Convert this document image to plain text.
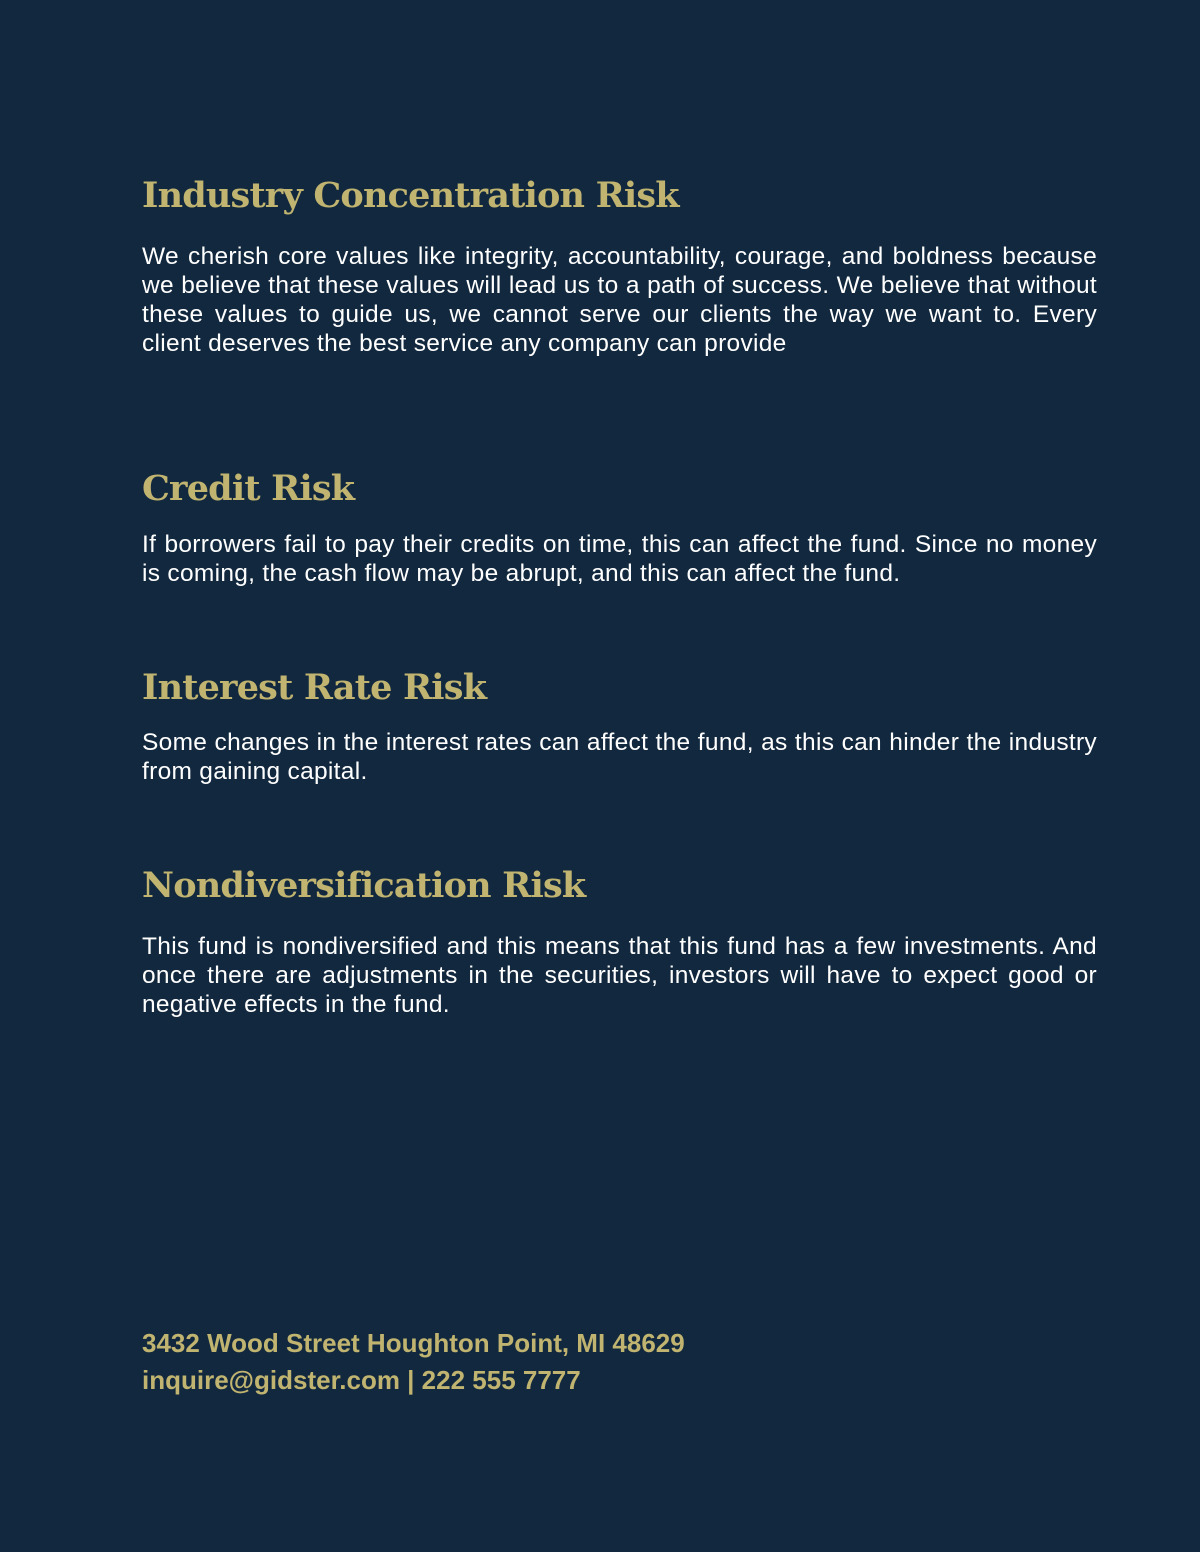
Industry Concentration Risk

We cherish core values like integrity, accountability, courage, and boldness because we believe that these values will lead us to a path of success. We believe that without these values to guide us, we cannot serve our clients the way we want to. Every client deserves the best service any company can provide

Credit Risk

If borrowers fail to pay their credits on time, this can affect the fund. Since no money is coming, the cash flow may be abrupt, and this can affect the fund.

Interest Rate Risk

Some changes in the interest rates can affect the fund, as this can hinder the industry from gaining capital.

Nondiversification Risk

This fund is nondiversified and this means that this fund has a few investments. And once there are adjustments in the securities, investors will have to expect good or negative effects in the fund.

3432 Wood Street Houghton Point, MI 48629
inquire@gidster.com | 222 555 7777
